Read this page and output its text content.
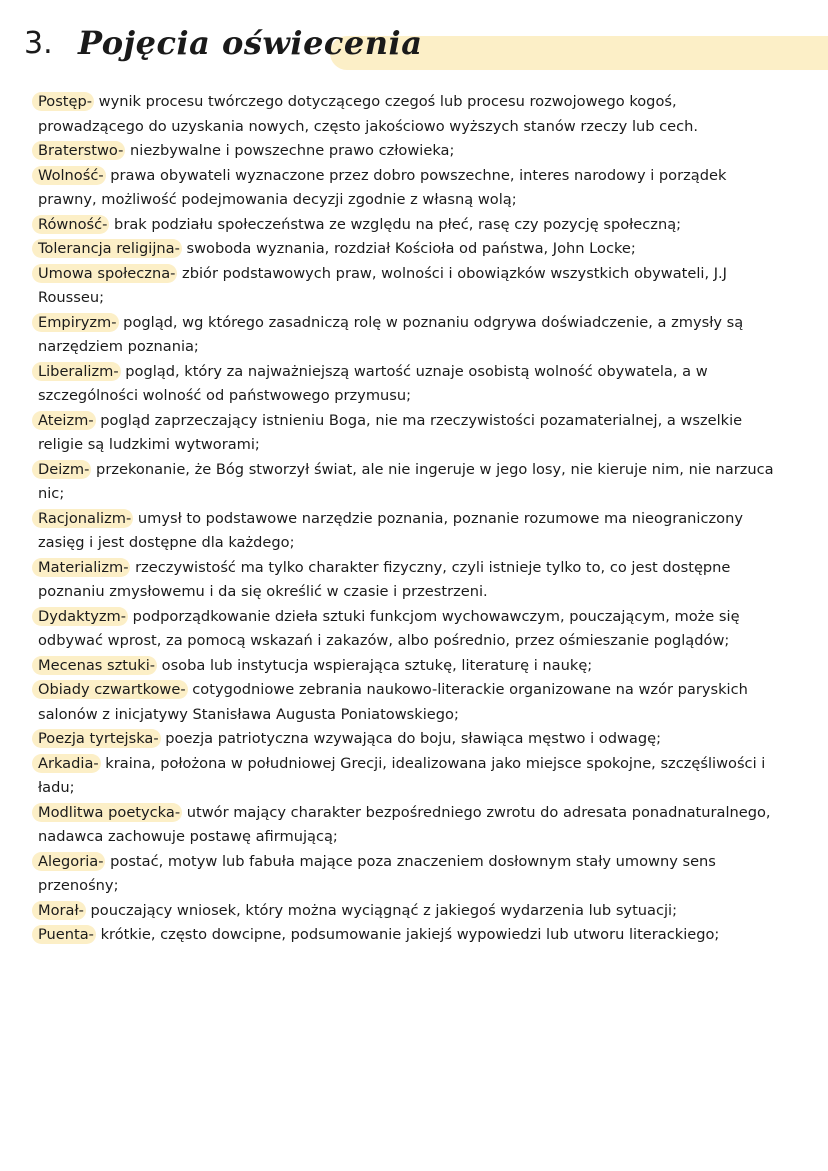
3. Pojęcia oświecenia

Postęp- wynik procesu twórczego dotyczącego czegoś lub procesu rozwojowego kogoś, prowadzącego do uzyskania nowych, często jakościowo wyższych stanów rzeczy lub cech.

Braterstwo- niezbywalne i powszechne prawo człowieka;

Wolność- prawa obywateli wyznaczone przez dobro powszechne, interes narodowy i porządek prawny, możliwość podejmowania decyzji zgodnie z własną wolą;

Równość- brak podziału społeczeństwa ze względu na płeć, rasę czy pozycję społeczną;

Tolerancja religijna- swoboda wyznania, rozdział Kościoła od państwa, John Locke;

Umowa społeczna- zbiór podstawowych praw, wolności i obowiązków wszystkich obywateli, J.J Rousseu;

Empiryzm- pogląd, wg którego zasadniczą rolę w poznaniu odgrywa doświadczenie, a zmysły są narzędziem poznania;

Liberalizm- pogląd, który za najważniejszą wartość uznaje osobistą wolność obywatela, a w szczególności wolność od państwowego przymusu;

Ateizm- pogląd zaprzeczający istnieniu Boga, nie ma rzeczywistości pozamaterialnej, a wszelkie religie są ludzkimi wytworami;

Deizm- przekonanie, że Bóg stworzył świat, ale nie ingeruje w jego losy, nie kieruje nim, nie narzuca nic;

Racjonalizm- umysł to podstawowe narzędzie poznania, poznanie rozumowe ma nieograniczony zasięg i jest dostępne dla każdego;

Materializm- rzeczywistość ma tylko charakter fizyczny, czyli istnieje tylko to, co jest dostępne poznaniu zmysłowemu i da się określić w czasie i przestrzeni.

Dydaktyzm- podporządkowanie dzieła sztuki funkcjom wychowawczym, pouczającym, może się odbywać wprost, za pomocą wskazań i zakazów, albo pośrednio, przez ośmieszanie poglądów;

Mecenas sztuki- osoba lub instytucja wspierająca sztukę, literaturę i naukę;

Obiady czwartkowe- cotygodniowe zebrania naukowo-literackie organizowane na wzór paryskich salonów z inicjatywy Stanisława Augusta Poniatowskiego;

Poezja tyrtejska- poezja patriotyczna wzywająca do boju, sławiąca męstwo i odwagę;

Arkadia- kraina, położona w południowej Grecji, idealizowana jako miejsce spokojne, szczęśliwości i ładu;

Modlitwa poetycka- utwór mający charakter bezpośredniego zwrotu do adresata ponadnaturalnego, nadawca zachowuje postawę afirmującą;

Alegoria- postać, motyw lub fabuła mające poza znaczeniem dosłownym stały umowny sens przenośny;

Morał- pouczający wniosek, który można wyciągnąć z jakiegoś wydarzenia lub sytuacji;

Puenta- krótkie, często dowcipne, podsumowanie jakiejś wypowiedzi lub utworu literackiego;
